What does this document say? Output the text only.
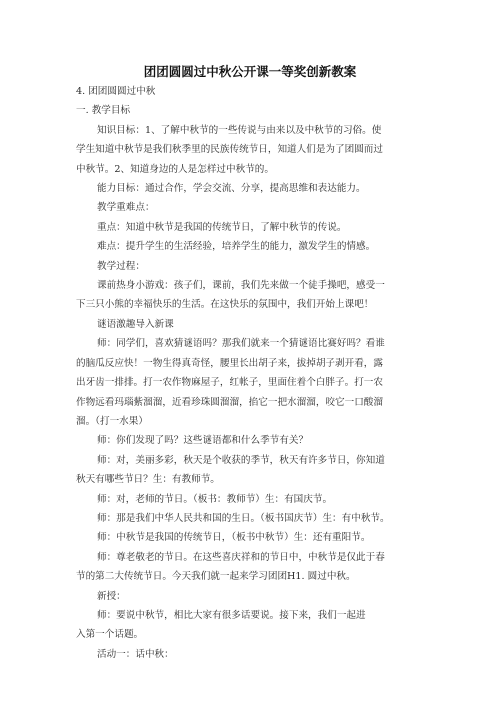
团团圆圆过中秋公开课一等奖创新教案
4. 团团圆圆过中秋
一. 教学目标
知识目标：1、了解中秋节的一些传说与由来以及中秋节的习俗。使
学生知道中秋节是我们秋季里的民族传统节日，知道人们是为了团圆而过
中秋节。2、知道身边的人是怎样过中秋节的。
能力目标：通过合作，学会交流、分享，提高思维和表达能力。
教学重难点：
重点：知道中秋节是我国的传统节日，了解中秋节的传说。
难点：提升学生的生活经验，培养学生的能力，激发学生的情感。
教学过程：
课前热身小游戏：孩子们，课前，我们先来做一个徒手操吧，感受一
下三只小熊的幸福快乐的生活。在这快乐的氛围中，我们开始上课吧！
谜语激趣导入新课
师：同学们，喜欢猜谜语吗？那我们就来一个猜谜语比赛好吗？看谁
的脑瓜反应快！一物生得真奇怪，腰里长出胡子来，拔掉胡子剥开看，露
出牙齿一排排。打一农作物麻屋子，红帐子，里面住着个白胖子。打一农
作物远看玛瑙紫溜溜，近看珍珠圆溜溜，掐它一把水溜溜，咬它一口酸溜
溜。（打一水果）
师：你们发现了吗？这些谜语都和什么季节有关？
师：对，美丽多彩，秋天是个收获的季节，秋天有许多节日，你知道
秋天有哪些节日？生：有教师节。
师：对，老师的节日。（板书：教师节）生：有国庆节。
师：那是我们中华人民共和国的生日。（板书国庆节）生：有中秋节。
师：中秋节是我国的传统节日，（板书中秋节）生：还有重阳节。
师：尊老敬老的节日。在这些喜庆祥和的节日中，中秋节是仅此于春
节的第二大传统节日。今天我们就一起来学习团团H1. 圆过中秋。
新授：
师：要说中秋节，相比大家有很多话要说。接下来，我们一起进
入第一个话题。
活动一：话中秋：
